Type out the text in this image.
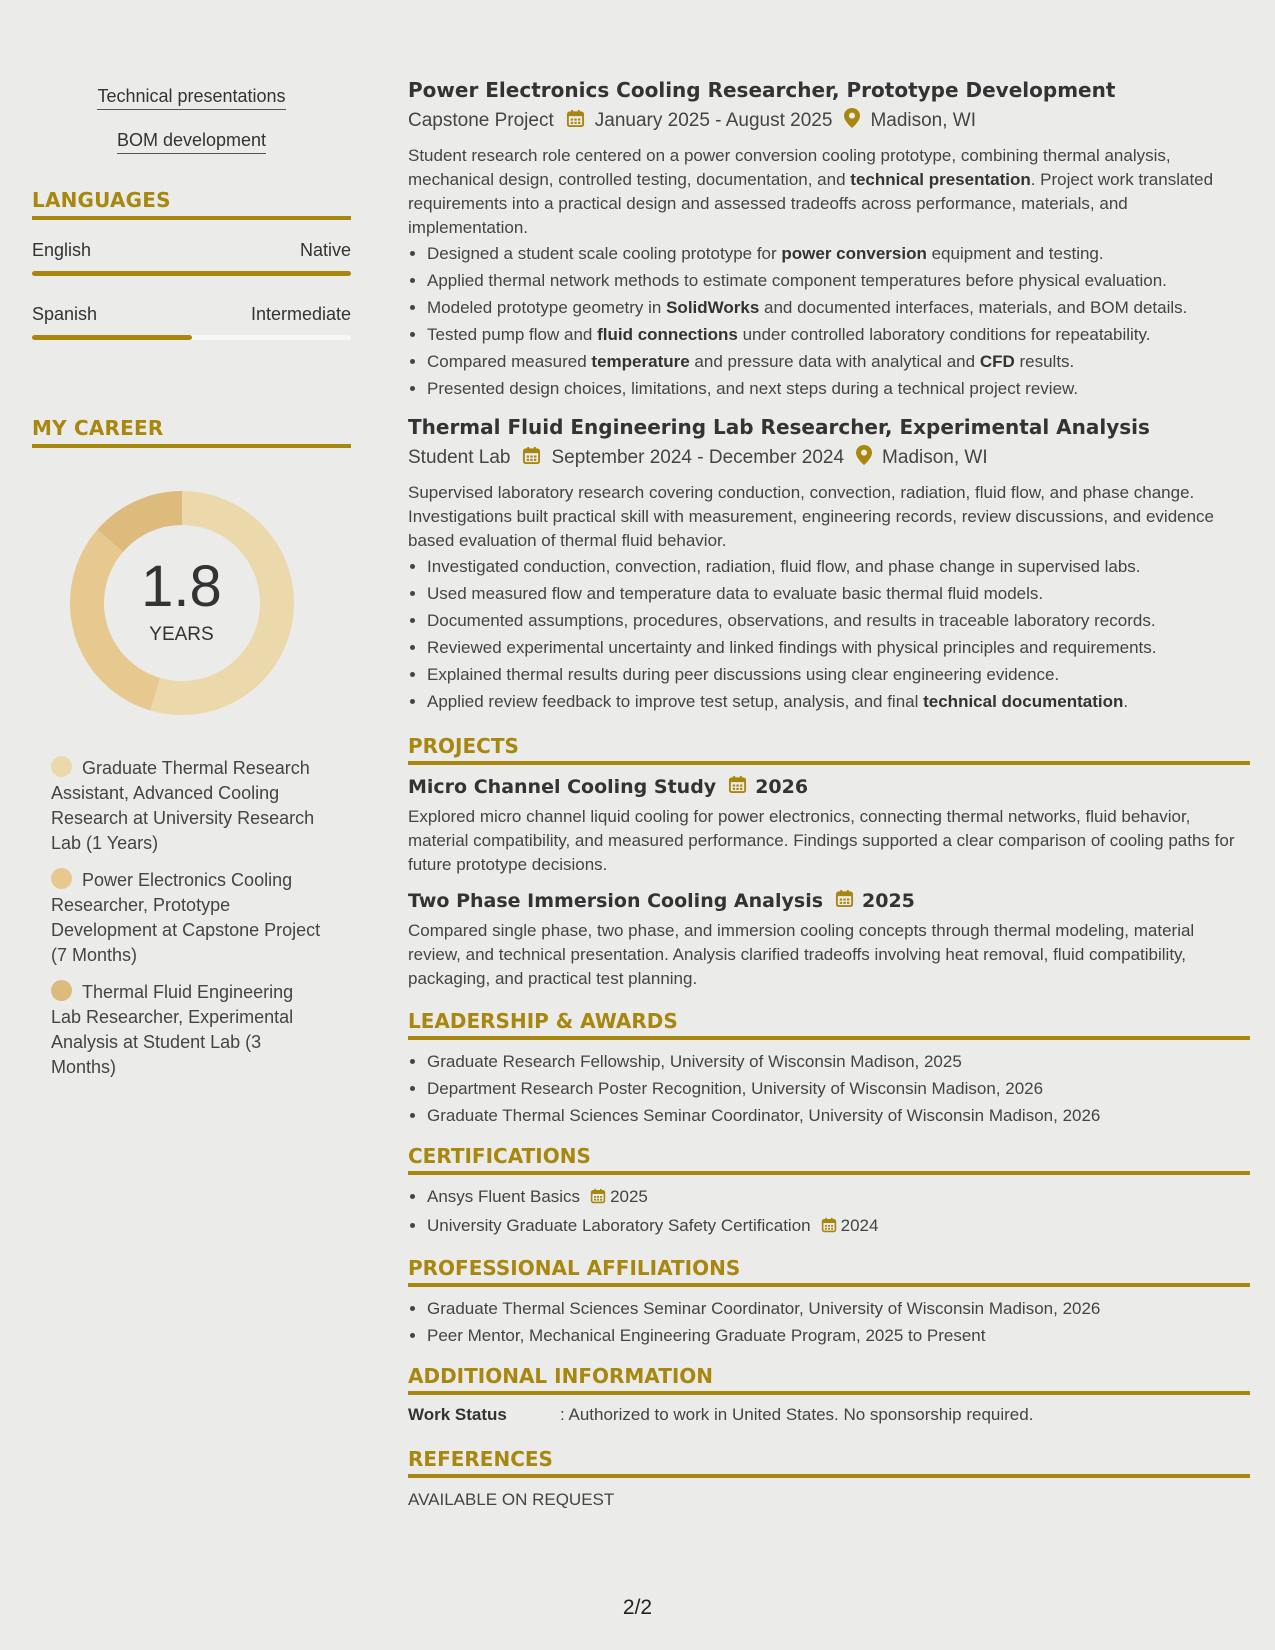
Technical presentations
BOM development
LANGUAGES
English	Native
Spanish	Intermediate
MY CAREER
1.8
YEARS
Graduate Thermal Research Assistant, Advanced Cooling Research at University Research Lab (1 Years)
Power Electronics Cooling Researcher, Prototype Development at Capstone Project (7 Months)
Thermal Fluid Engineering Lab Researcher, Experimental Analysis at Student Lab (3 Months)
Power Electronics Cooling Researcher, Prototype Development
Capstone Project January 2025 - August 2025 Madison, WI

Student research role centered on a power conversion cooling prototype, combining thermal analysis, mechanical design, controlled testing, documentation, and technical presentation. Project work translated requirements into a practical design and assessed tradeoffs across performance, materials, and implementation.

• Designed a student scale cooling prototype for power conversion equipment and testing.
• Applied thermal network methods to estimate component temperatures before physical evaluation.
• Modeled prototype geometry in SolidWorks and documented interfaces, materials, and BOM details.
• Tested pump flow and fluid connections under controlled laboratory conditions for repeatability.
• Compared measured temperature and pressure data with analytical and CFD results.
• Presented design choices, limitations, and next steps during a technical project review.
Thermal Fluid Engineering Lab Researcher, Experimental Analysis
Student Lab September 2024 - December 2024 Madison, WI

Supervised laboratory research covering conduction, convection, radiation, fluid flow, and phase change. Investigations built practical skill with measurement, engineering records, review discussions, and evidence based evaluation of thermal fluid behavior.

• Investigated conduction, convection, radiation, fluid flow, and phase change in supervised labs.
• Used measured flow and temperature data to evaluate basic thermal fluid models.
• Documented assumptions, procedures, observations, and results in traceable laboratory records.
• Reviewed experimental uncertainty and linked findings with physical principles and requirements.
• Explained thermal results during peer discussions using clear engineering evidence.
• Applied review feedback to improve test setup, analysis, and final technical documentation.
PROJECTS
Micro Channel Cooling Study 2026

Explored micro channel liquid cooling for power electronics, connecting thermal networks, fluid behavior, material compatibility, and measured performance. Findings supported a clear comparison of cooling paths for future prototype decisions.

Two Phase Immersion Cooling Analysis 2025

Compared single phase, two phase, and immersion cooling concepts through thermal modeling, material review, and technical presentation. Analysis clarified tradeoffs involving heat removal, fluid compatibility, packaging, and practical test planning.

LEADERSHIP & AWARDS
• Graduate Research Fellowship, University of Wisconsin Madison, 2025
• Department Research Poster Recognition, University of Wisconsin Madison, 2026
• Graduate Thermal Sciences Seminar Coordinator, University of Wisconsin Madison, 2026
CERTIFICATIONS
• Ansys Fluent Basics 2025
• University Graduate Laboratory Safety Certification 2024
PROFESSIONAL AFFILIATIONS
• Graduate Thermal Sciences Seminar Coordinator, University of Wisconsin Madison, 2026
• Peer Mentor, Mechanical Engineering Graduate Program, 2025 to Present
ADDITIONAL INFORMATION
Work Status	: Authorized to work in United States. No sponsorship required.
REFERENCES
AVAILABLE ON REQUEST
2/2
